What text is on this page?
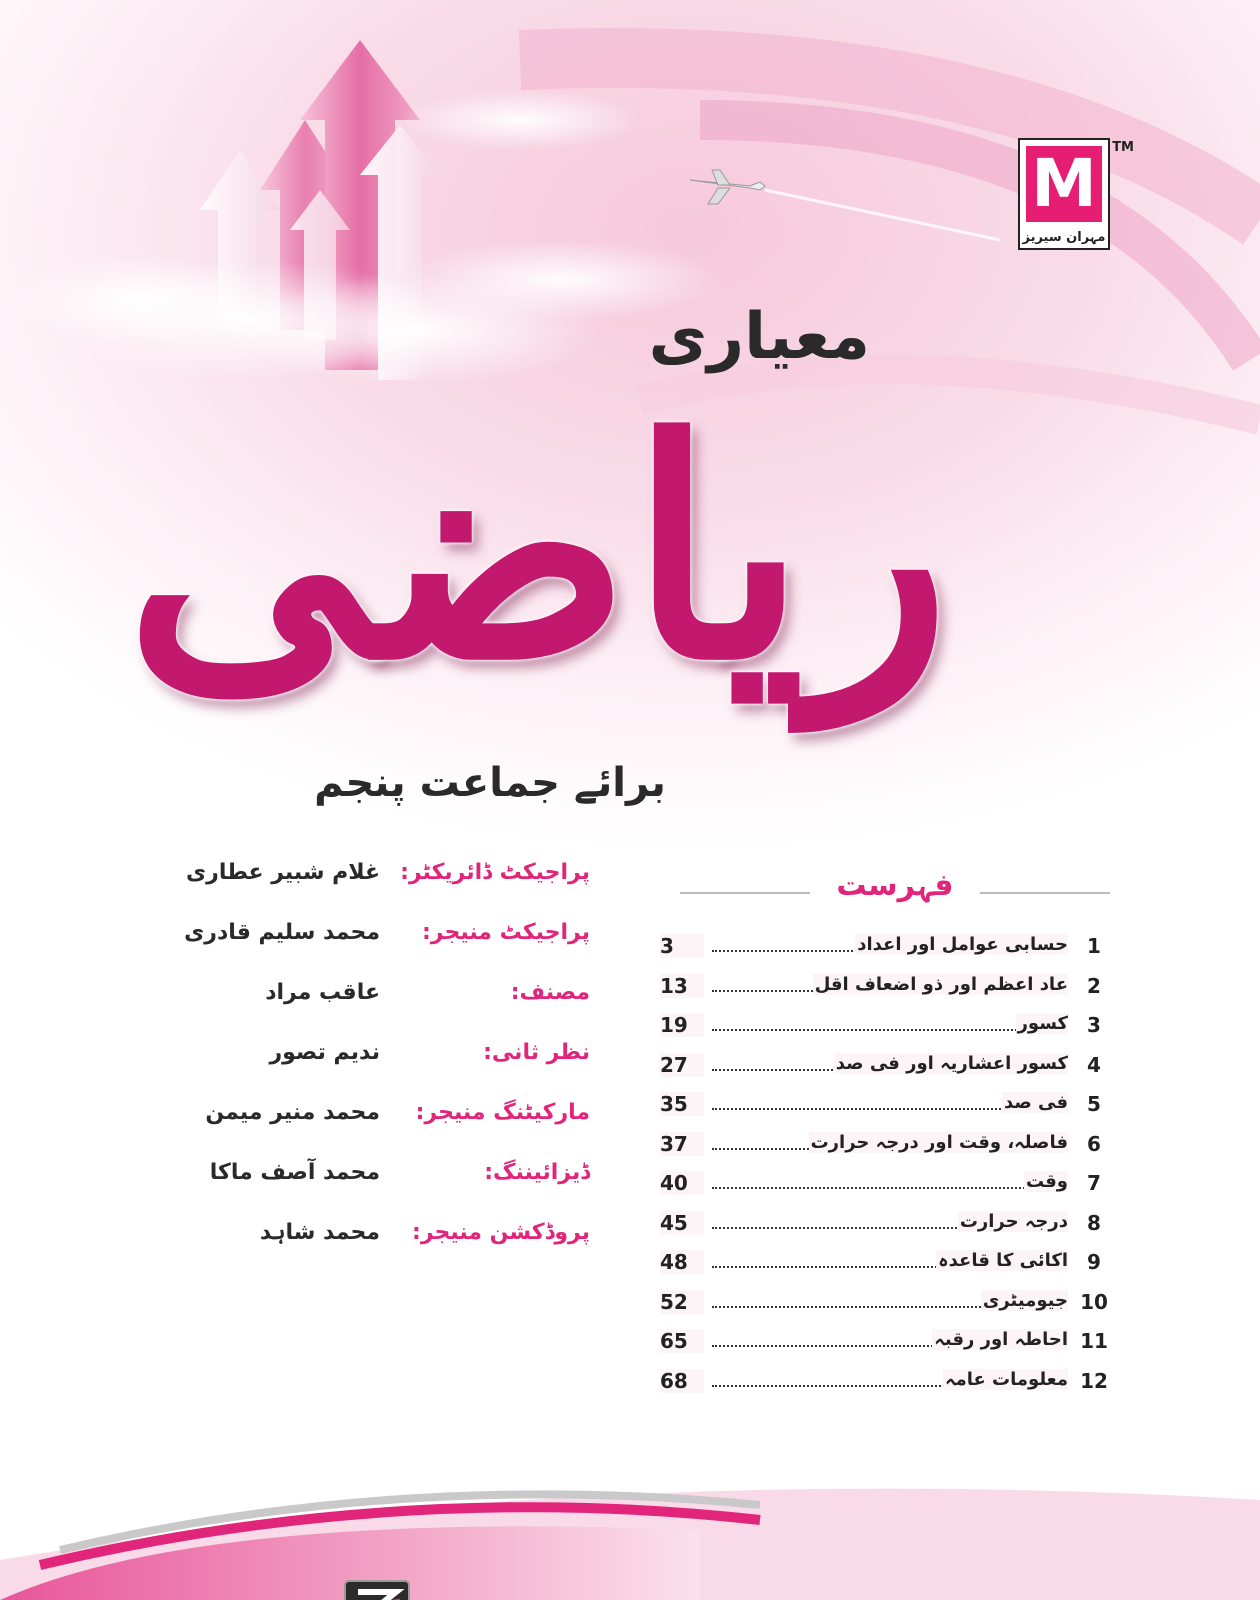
M
مہران سیریز
TM
معیاری
ریاضی
برائے جماعت پنجم
پراجیکٹ ڈائریکٹر:
غلام شبیر عطاری
پراجیکٹ منیجر:
محمد سلیم قادری
مصنف:
عاقب مراد
نظر ثانی:
ندیم تصور
مارکیٹنگ منیجر:
محمد منیر میمن
ڈیزائیننگ:
محمد آصف ماکا
پروڈکشن منیجر:
محمد شاہد
فہرست
1
حسابی عوامل اور اعداد
3
2
عاد اعظم اور ذو اضعاف اقل
13
3
کسور
19
4
کسور اعشاریہ اور فی صد
27
5
فی صد
35
6
فاصلہ، وقت اور درجہ حرارت
37
7
وقت
40
8
درجہ حرارت
45
9
اکائی کا قاعدہ
48
10
جیومیٹری
52
11
احاطہ اور رقبہ
65
12
معلومات عامہ
68
